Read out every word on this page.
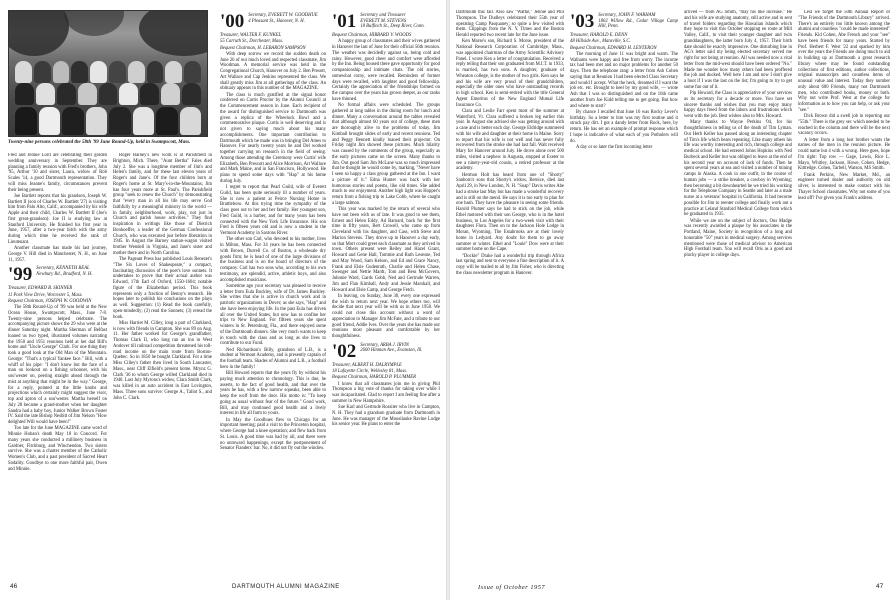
Twenty-nine persons celebrated the 58th '99 June Round-Up, held in Swampscott, Mass.

Fred and Jennie Lord are celebrating their golden wedding anniversary in September. They are planning a family reunion with Fred's brothers, John '95, Arthur '10 and sister, Laura, widow of Rob Scales '14, a good Dartmouth representation. They will miss Jeanne's family, circumstances prevent their being present.

Joe Bartlett reports that his grandson, Joseph W. Bartlett II (son of Charles W. Bartlett '27) is visiting him from Palo Alto, Calif., accompanied by his wife Apple and their child, Charles W. Bartlett II (Joe's first great-grandson). Joe II is studying law at Stanford University. He finished his first year in June, 1957, after a two-year hitch with the army during which time he received the rank of Lieutenant.

Another classmate has made his last journey, George V. Hill died in Manchester, N. H., on June 11, 1957.

'99 Secretary, KENNETH BEAL
Newbury Rd., Bradford, N. H.

Treasurer, EDWARD B. SKINNER

11 Park View Drive, Worcester 5, Mass.

Request Chairman, JOSEPH W. GOODWIN

The 58th Round-Up of '99 was held at the New Ocean House, Swampscott, Mass., June 7-8. Twenty-nine persons helped celebrate. The accompanying picture shows the 29 who were at the dinner Saturday night. Martha Sherman of Belfast loaned us two typed, illustrated volumes narrating the 1950 and 1951 reunions held at her dad Bill's home and "Uncle George" Clark. For one thing they took a good look at the Old Man of the Mountain. George: "That's a typical Yankee face." Bill, with a whiff of his pipe: "I don't know but the face of a man on lookout on a fishing schooner, with his sou'wester on, peering straight ahead through the mist at anything that might be in the way." George, for a reply, pointed at the little knobs and projections which certainly might suggest the visor, top and apron of a sou'wester. Martha herself on July 28 became a grand-mother when her daughter Sandra had a baby boy, Junior Walker Brown Foster IV. Said the late Bishop Nesbitt of Jim Nelson "How delighted Will would have been!"

Too late for the June MAGAZINE came word of Minnie Hoban's death May 18 in Concord. For many years she conducted a millinery business in Gardner, Fitchburg, and Winchendon. Two sisters survive. She was a charter member of the Catholic Women's Club, and a past president of Sacred Heart Sodality. Goodbye to one more faithful pair, Owen and Minnie.

Roger Barney's new work is at Parishfield in Brighton, Mich. There, "Aunt Bertha" Fales died July 2. She was a longtime member of Jim's and Helen's family, and for these last eleven years of Roger's and Jane's. Of the four children born at Roger's home at St. Mary's-in-the-Mountains; Jim has four years more at St. Paul's. The Parishfield group "seek to renew the Church" by demonstrating that "every man in all his life may serve God faithfully by a meaningful ministry in the world — in family, neighborhood, work, play, not just in Church and parish house activities." They find inspiration in writings like those of Dietrich Bonhoeffer, a leader of the German Confessional Church, who was executed just before liberation in 1945. In August the Barney station-wagon visited brother Wendell in Virginia, and Jane's sister and mother there and in North Carolina.

The Pageant Press has published Louis Benezet's "The Six Loves of Shakespeare," a compact, fascinating discussion of the poet's love sonnets. It undertakes to prove that their actual author was Edward, 17th Earl of Oxford, 1550-1604; notable figure of the Elizabethan period. This book represents only a fraction of Benny's research. He hopes later to publish his conclusions on the plays as well. Suggestion: (1) Read the book carefully, open-mindedly; (2) read the Sonnets; (3) reread the book.

Miss Harriet M. Cilley, long a part of Clarkland, is now with friends in Campton. She was 89 on Aug. 11. Her father worked for George's grandfather, Thomas Clark II, who long ran an inn in West Andover till railroad competition threatened his toll-road income on the main route from Boston-Quebec. So in 1850 he bought Clarkland. For a time Miss Cilley's father then lived in South Lancaster, Mass., near Cliff Elfield's present home. Mrynz G. Clark '36 to whom George willed Clarkland died in 1940. Last July Myrons's widow, Clara Smith Clark, was killed in an auto accident in East Lovington, Mass. Three sons survive: George A., Tallot S., and John C. Clark.

'00 Secretary, EVERETT W. GOODHUE
4 Pleasant St., Hanover, N. H.

Treasurer, WALTER F. KUNKEL

55 Carruth St., Dorchester, Mass.

Bequest Chairman, H. LEBARON SAMPSON

With deep sorrow we record the sudden death on June 26 of our much loved and respected classmate, Jim Woodman. A memorial service was held in the Congregational Church, Hanover on July 2. Ben Presott, Art Wallace and Cap Jenkins represented the class. We shall greatly miss Jim at all gatherings of the class. An obituary appears in this number of the MAGAZINE.

The class is much gratified at the signal honor conferred on Curtis Proctor by the Alumni Council at the Commencement season in June. Each recipient of the award for distinguished service to Dartmouth was given a replica of the Wheelock Bowl and a commemorative plaque. Curtis is well deserving and is not given to saying much about his many accomplishments. One important contribution to Dartmouth which he made was in bringing Del Ames to Hanover. For nearly twenty years he and Del worked together carrying on research in the field of seeing. Among those attending the Ceremony were Curtis' wife Elizabeth, Ben Prescott and Alice Morrison, Art Wallace and Mark Maine, and in San Francisco, Hollywood. He plans to spend some days with "Hap" at his home during July.

I regret to report that Pearl Guild, wife of Everett Guild, has been quite seriously ill a number of years. She is now a patient at Peirce Nursing Home in Brattleboro. At this trying time the sympathy of the class goes out to her and her family. Her youngest son, Fred Guild, is a barber, and for many years has been connected with the New York Life Insurance. His son Fred is fifteen years old and is now a student in the Vermont Academy in Saxtons River.

The other son Carl, who devoted to his mother, lives in Milton, Mass. For 34 years he has been connected with Brown, Durrell Co. of Boston, a wholesale dry goods firm; he is head of one of the large divisions of the business and is on the board of directors of the company. Carl has two sons who, according to his own testimony, are splendid, active, athletic boys, and also accomplished musicians.

Sometime ago your secretary was pleased to receive a letter from Eula Buckley, wife of Dr. James Buckley. She writes that she is active in church work and in patriotic organizations in Dover; as she says, "Hap" and she have been enjoying life. In the past Eula has driven all over the United States, but now has to confine her trips to New England. For fifteen years she spent winters in St. Petersburg, Fla., and there enjoyed some of the Dartmouth dinners. She very much wants to keep in touch with the class and as long as she lives to contribute to our Fund.

Ned Richardson's Billy, grandson of L.B., is a student at Vermont Academy, and is presently captain of the football team. Shades of Alumni and L.B., a football hero in the family!

Bill Howard reports that the years fly by without his paying much attention to chronology. This is due, he asserts, to the fact of good health, and that over the years he has, with a few narrow squeaks, been able to keep the wolf from the door. His motto is: "To keep going as usual without fear of the future." Good work, Bill, and may continued good health and a lively interest in life all farm to yours.

In May the Goodhues flew to Chicago for an important meeting; paid a visit to the Princeton hospital, where George had a knee operation; and flew back from St. Louis. A good time was had by all, and there were no untoward happenings, except the postponement of Senator Flanders' bar. No, it did not fly out the window.

'01 Secretary and Treasurer
EVERETT M. STEVENS
18 Bulfinch St., Deep River, Conn.

Bequest Chairman, HIBBARD V. WOODS

A happy group of classmates and their wives gathered in Hanover the last of June for their official 56th reunion. The weather was decidedly against us, being cold and rainy. However, good cheer and comfort were afforded by the Inn. Being housed there gave opportunity for good companionship and intimate chats. The old stories, somewhat corny, were recalled. Reminders of former days were recalled, with laughter and good fellowship. Certainly the appreciation of the friendships formed on the campus over the years has grown deeper, as our ranks have thinned.

No formal affairs were scheduled. The groups gathered at long tables in the dining room for lunch and dinner. Many a conversation around the tables revealed that although almost 60 years out of college, these men are thoroughly alive to the problems of today. Jim Kimball brought slides of early and recent reunions. Ted and Peggy Bennett kindly loaned their projector. On Friday night Jim showed these pictures. Much hilarity was caused by the comments of the group, especially as the early pictures came on the screen. Many thanks to Jim. Out good Sam Jim McLane was so much impressed that he thought he would come by, marking, "Never have I seen so happy a class group gathered at the Inn. I want a picture of it." Edna Hunter was back with her humorous stories and poems, like old times. She added much to our enjoyment. Another high light was Hopper's return from a fishing trip to Lake Cobb, where he caught a large salmon.

This year was marked by the return of several who have not been with us of late. It was good to see them, Ernest and Helen Eddy, Ad Barnard, back for the first time in fifty years, Bert Crowell, who came up from Cleveland with his daughter, and Cass, with Steve and Marion Stevens. They drove up to Hanover a day early, so that Mort could greet each classmate as they arrived in town. Others present were Reiley and Hazel Grant, Howard and Gene Hall, Tommie and Ruth Lesesne, Ted and May Wood, Sam Kelson, and Ed and Grace Nancy, Frank and Elsie Gudenrath, Charlie and Helen Chase, Swenger and Nettie Mardt, Tom and Bess McGovern, Johnnie Ward, Gards Gobb, Ned and Gertrude Warren, Jim and Flan Kimball, Andy and Jessie Marshall, and Howard and Elsie Camp, and George Fetch.

In leaving, on Sunday, June 30, every one expressed the wish to return next year. We hope others too, will decide that next year will be with us in June 1958. We could not close this account without a word of appreciation to Manager Jim McFate, and a tribute to our good friend, Addie Ives. Over the years she has made our reunions most pleasant and comfortable by her thoughtfulness.

'02 Secretary, ARBA J. IRVIN
2600 Hinman Ave., Evanston, Ill.

Treasurer, ALBERT H. DALRYMPLE

18 Lafayette Circle, Wellesley 81, Mass.

Bequest Chairman, HAROLD P. PLUMMER

I know that all classmates join me in giving Phil Thompson a big vote of thanks for taking over while I was incapacitated. Glad to report I am feeling fine after a summer in New Hampshire.

Sue Karl and Gertrude Rossiter who live in Campton, N. H. They had a grandson graduate from Dartmouth in June. He was manager of the Moosilauke Ravine Lodge his senior year. He plans to enter the

46	DARTMOUTH ALUMNI MAGAZINE

Dartmouth this fall. Also saw "Wattie," Jennie and Phil Thompson. The Dudleys celebrated their 55th year of operating Camp Pasquaney; so quite a few visited with them. Clippings from the N. Y. Times and the Boston Herald reported two recent late for the June issue.

Ken Morse's son, Richard S. Morse, president of the National Research Corporation of Cambridge, Mass., was appointed chairman of the Army Scientific Advisory Panel. I wrote Ken a letter of congratulation. Received a reply telling that their son graduated from M.I.T. in 1933, is married, has two sons. A daughter, graduate of Wheaton college, is the mother of two girls. Ken says he and his wife are very proud of their grandchildren, especially the older ones who have outstanding records in high school. Ken is semi-retired with the title General Agent Emeritus of the New England Mutual Life Insurance Co.

Clara and Leslie Farr spent most of the summer at Waterford, Vt. Clara suffered a broken leg earlier this year. In August she advised she was getting around with a cane and is better each day. George Eldridge summered with his wife and daughter at their home in Maine. Sorry to report that his wife is not well and has never fully recovered from the stroke she had last fall. Walt received Mary for Hanover around July. He drove alone over 500 miles, visited a nephew in Augusta, stopped at Exeter to see a ninety-year-old cousin, a retired professor at the academy.

Hermon Holt has heard from one of "Shorty" Sanborn's sons that Shorty's widow, Bernice, died last April 29, in New London, N. H. "Soap" Davis writes Abe had a stroke last May but has made a wonderful recovery and is still on the mend. He says it is too early to plan for one bash. They have the pleasure in seeing some friends. Harold Plumer says he had to stick on the job, while Ethel motored with their son George, who is in the hotel business, to Los Angeles for a two-week visit with their daughters Flora. Then on to the Jackson Hole Lodge in Moran, Wyoming. The Estabrooks are at their lovely home in Ledyard. Any doubt for them to go away summer or winter. Ethel and "Louie" Dow were at their summer home on the Cape.

"Dockie" Drake had a wonderful trip through Africa last spring and sent to everyone a fine description of it. A copy will be mailed to all by Jim Fisher, who is directing the class newsletter program in Hanover.

'03 Secretary, JOHN F. WARHAM
1802 Willow Rd., Cedar Village Camp Hill, Penn.

Treasurer, HAROLD E. DENN

48 Hillside Ave., Mansville, S.C.

Bequest Chairman, EDWARD H. LENTERON

The morning of June 11 was bright and warm. The Walhams were happy and free from worry. The income tax had been met and no major problems for another 50 days. Then the telephone rang: a letter from Ash Cohen saying that at Reunion I had been elected Class Secretary and would I accept. What the heck, dreamed if I want the job etc. etc. Brought to heel by my good wife, — wrote Ash that I was so distinguished and on the 16th came another from Joe Kidd telling me to get going. But how and where to start?

By chance I recalled that June 16 was Rocky Lever's birthday. So a letter to him was my first routine and it struck pay dirt. I got a dandy letter from Rock, here, by return. He has set an example of prompt response which I hope is indicative of what each of you Potholers will do.

A day or so later the first incoming letter

arrived — from AG Smith, "may his like increase." He and his wife are studying anatomy, still active and in sent of travel folders regarding the Hawaiian Islands which they hope to visit this October stopping en route at Mill Valley, Calif., to visit their younger daughter and twin granddaughters, the latter born July 4, 1957. Their birth date should be exactly impressive. One disturbing line in AG's letter said my being elected secretary served me right for not being at reunion. All was needed now a vital letter from the mid-west should have been ordered "No." Made me wonder how many others had been proffered the job and ducked. Well here I am and now I don't give a hoot if I was the last on the list; I'm going to try to get some fun out of it.

Pip Howard, the Class is appreciative of your services as its secretary for a decade or more. You have set sincere thanks and wishes that you may enjoy many happy days freed from the labors and frustrations which went with the job. Best wishes also to Mrs. Howard.

Many thanks to Wayne Perkins '04, for his thoughtfulness in telling us of the death of Tim Lyman. Our Herb Keller has passed along an interesting chapter of Tim's life which bears repeating. Like many others his life was worthy interesting and rich, through college and medical school. He had entered Johns Hopkins with Ned Burbeck and Keller but was obliged to leave at the end of his second year on account of lack of funds. Then he spent several years at sea and visited a number of mining camps in Alaska. A cook in one outfit, in the course of human jobs — a strike breaker, a cowboy in Wyoming; then becoming a bit downhearted he we tried his working for the Telephone Company in Seattle and later as a male nurse at a veterans' hospital in California. It had become possible for Jim to reenter college and finally work out a practice at Leland Stanford Medical College from which he graduated in 1935.

While we are on the subject of doctors, Ons Madge was recently awarded a plaque by his associates in the Portland, Maine, Society in recognition of a long and honorable "50" years in medical surgery. Among services mentioned were those of medical advisor to American High Football team. You will recall Otis as a good and plucky player in college days.

Lest we forget the 50th Annual Report of "The Friends of the Dartmouth Library" arrived. There's an entirely too little known among the alumni and countless "could be made interested" Friends. Kid Cohen, Abe French and your "see" have been friends for many years. Started by Prof. Herbert F. West '22 and sparked by him over the years the Friends are doing much to aid in building up at Dartmouth a great research library where may be found outstanding collections of first editions, author collections, original manuscripts and countless items of unusual value and interest. Today they number only about 600 Friends, many not Dartmouth men, who contributed books, money or both. Why not write Prof. West at the college for information as to how you can help, or ask your "see."

Dick Brown did a swell job in reporting our "55th." There is the grey sec which needed to be reached in the column and there will be the next vacancy occurs.

A letter from a long lost brother wants the names of the men in the reunion picture. He could name but 4 with a wrong. Here goes, hope I'm right: Top row — Gage, Lewis, Rice L. Mayo, Whitley, Jackson, Howe, Cohen, Hedge, Kittredge. Cohen, Tarbell, Watson, MS Smith.

Frank Perkins, New Market, Md., an engineer turned dealer and authority on old silver, is interested to make contact with his Thayer School classmates. Why not some of you lead off? I've given you Frank's address.

Issue of October 1957	47
